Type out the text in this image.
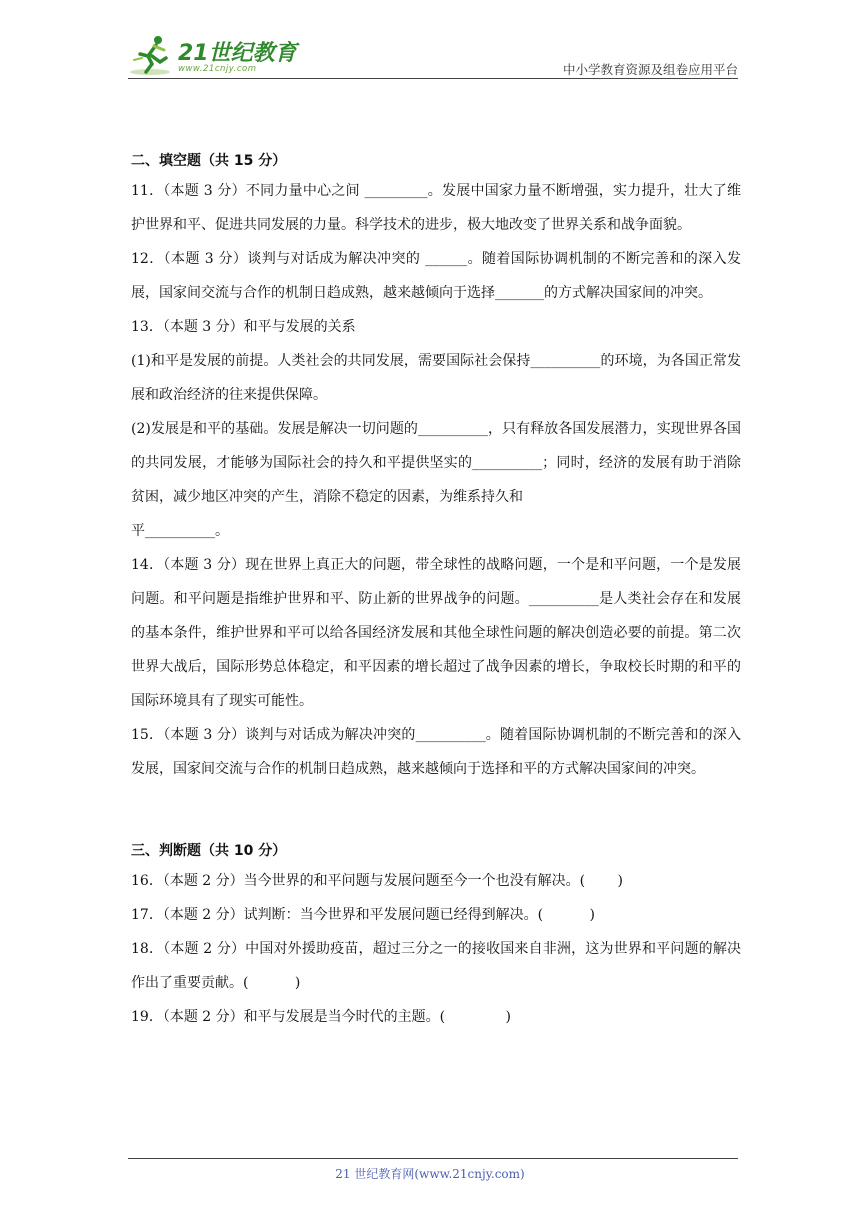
21世纪教育
www.21cnjy.com	中小学教育资源及组卷应用平台

二、填空题（共 15 分）

11．（本题 3 分）不同力量中心之间 _________。发展中国家力量不断增强，实力提升，壮大了维护世界和平、促进共同发展的力量。科学技术的进步，极大地改变了世界关系和战争面貌。

12．（本题 3 分）谈判与对话成为解决冲突的 ______。随着国际协调机制的不断完善和的深入发展，国家间交流与合作的机制日趋成熟，越来越倾向于选择_______的方式解决国家间的冲突。

13．（本题 3 分）和平与发展的关系

(1)和平是发展的前提。人类社会的共同发展，需要国际社会保持__________的环境，为各国正常发展和政治经济的往来提供保障。

(2)发展是和平的基础。发展是解决一切问题的__________，只有释放各国发展潜力，实现世界各国的共同发展，才能够为国际社会的持久和平提供坚实的__________；同时，经济的发展有助于消除贫困，减少地区冲突的产生，消除不稳定的因素，为维系持久和

平__________。

14．（本题 3 分）现在世界上真正大的问题，带全球性的战略问题，一个是和平问题，一个是发展问题。和平问题是指维护世界和平、防止新的世界战争的问题。__________是人类社会存在和发展的基本条件，维护世界和平可以给各国经济发展和其他全球性问题的解决创造必要的前提。第二次世界大战后，国际形势总体稳定，和平因素的增长超过了战争因素的增长，争取校长时期的和平的国际环境具有了现实可能性。

15．（本题 3 分）谈判与对话成为解决冲突的__________。随着国际协调机制的不断完善和的深入发展，国家间交流与合作的机制日趋成熟，越来越倾向于选择和平的方式解决国家间的冲突。

三、判断题（共 10 分）

16．（本题 2 分）当今世界的和平问题与发展问题至今一个也没有解决。(　　 )

17．（本题 2 分）试判断：当今世界和平发展问题已经得到解决。(　　 　)

18．（本题 2 分）中国对外援助疫苗，超过三分之一的接收国来自非洲，这为世界和平问题的解决作出了重要贡献。(　　 　)

19．（本题 2 分）和平与发展是当今时代的主题。(　　 　　)

21 世纪教育网(www.21cnjy.com)
